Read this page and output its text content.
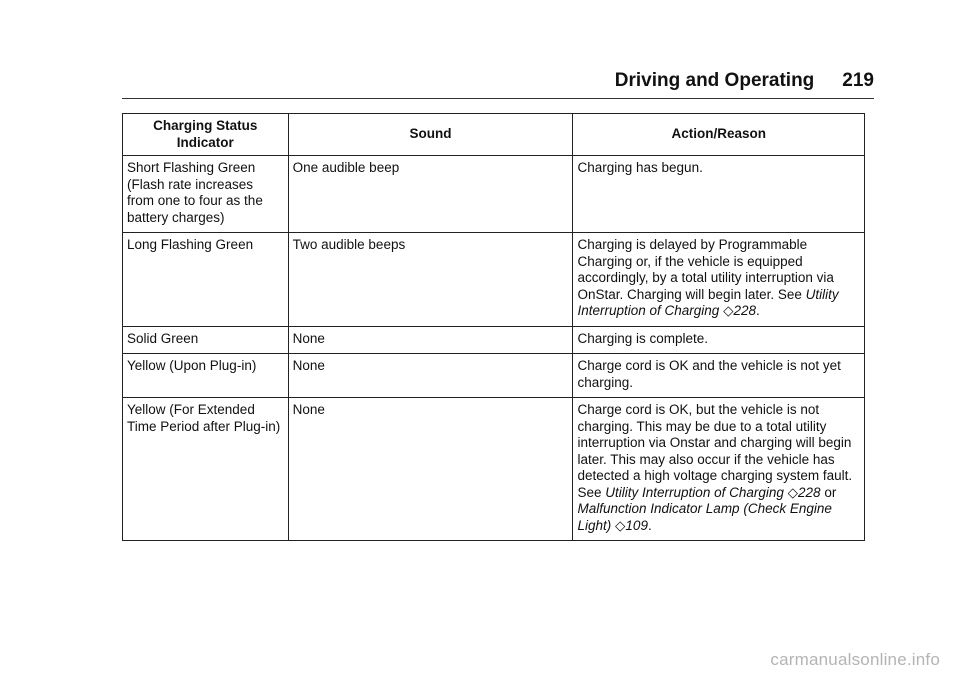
Driving and Operating 219
Charging Status Indicator	Sound	Action/Reason
Short Flashing Green (Flash rate increases from one to four as the battery charges)	One audible beep	Charging has begun.
Long Flashing Green	Two audible beeps	Charging is delayed by Programmable Charging or, if the vehicle is equipped accordingly, by a total utility interruption via OnStar. Charging will begin later. See Utility Interruption of Charging ◇228.
Solid Green	None	Charging is complete.
Yellow (Upon Plug-in)	None	Charge cord is OK and the vehicle is not yet charging.
Yellow (For Extended Time Period after Plug-in)	None	Charge cord is OK, but the vehicle is not charging. This may be due to a total utility interruption via Onstar and charging will begin later. This may also occur if the vehicle has detected a high voltage charging system fault. See Utility Interruption of Charging ◇228 or Malfunction Indicator Lamp (Check Engine Light) ◇109.
carmanualsonline.info
